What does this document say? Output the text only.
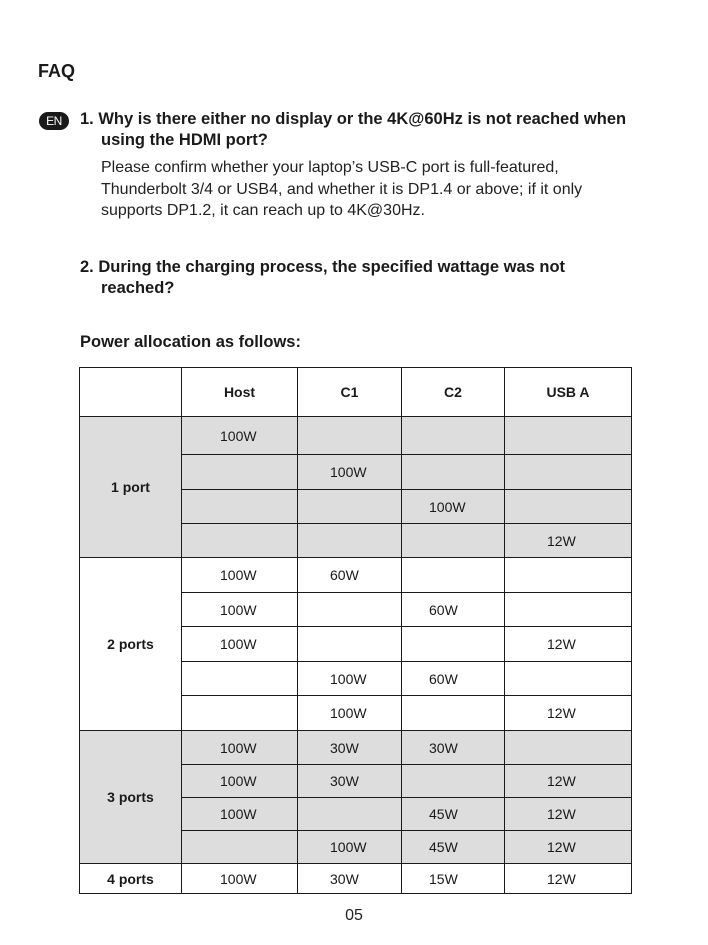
FAQ
EN	1. Why is there either no display or the 4K@60Hz is not reached when
using the HDMI port?
Please confirm whether your laptop’s USB-C port is full-featured,
Thunderbolt 3/4 or USB4, and whether it is DP1.4 or above; if it only
supports DP1.2, it can reach up to 4K@30Hz.
2. During the charging process, the specified wattage was not
reached?
Power allocation as follows:
	Host	C1	C2	USB A
1 port	100W			

		100W		

			100W	

				12W

2 ports	100W	60W		

	100W		60W	

	100W			12W

		100W	60W	

		100W		12W

3 ports	100W	30W	30W	

	100W	30W		12W

	100W		45W	12W

		100W	45W	12W

4 ports	100W	30W	15W	12W
05
